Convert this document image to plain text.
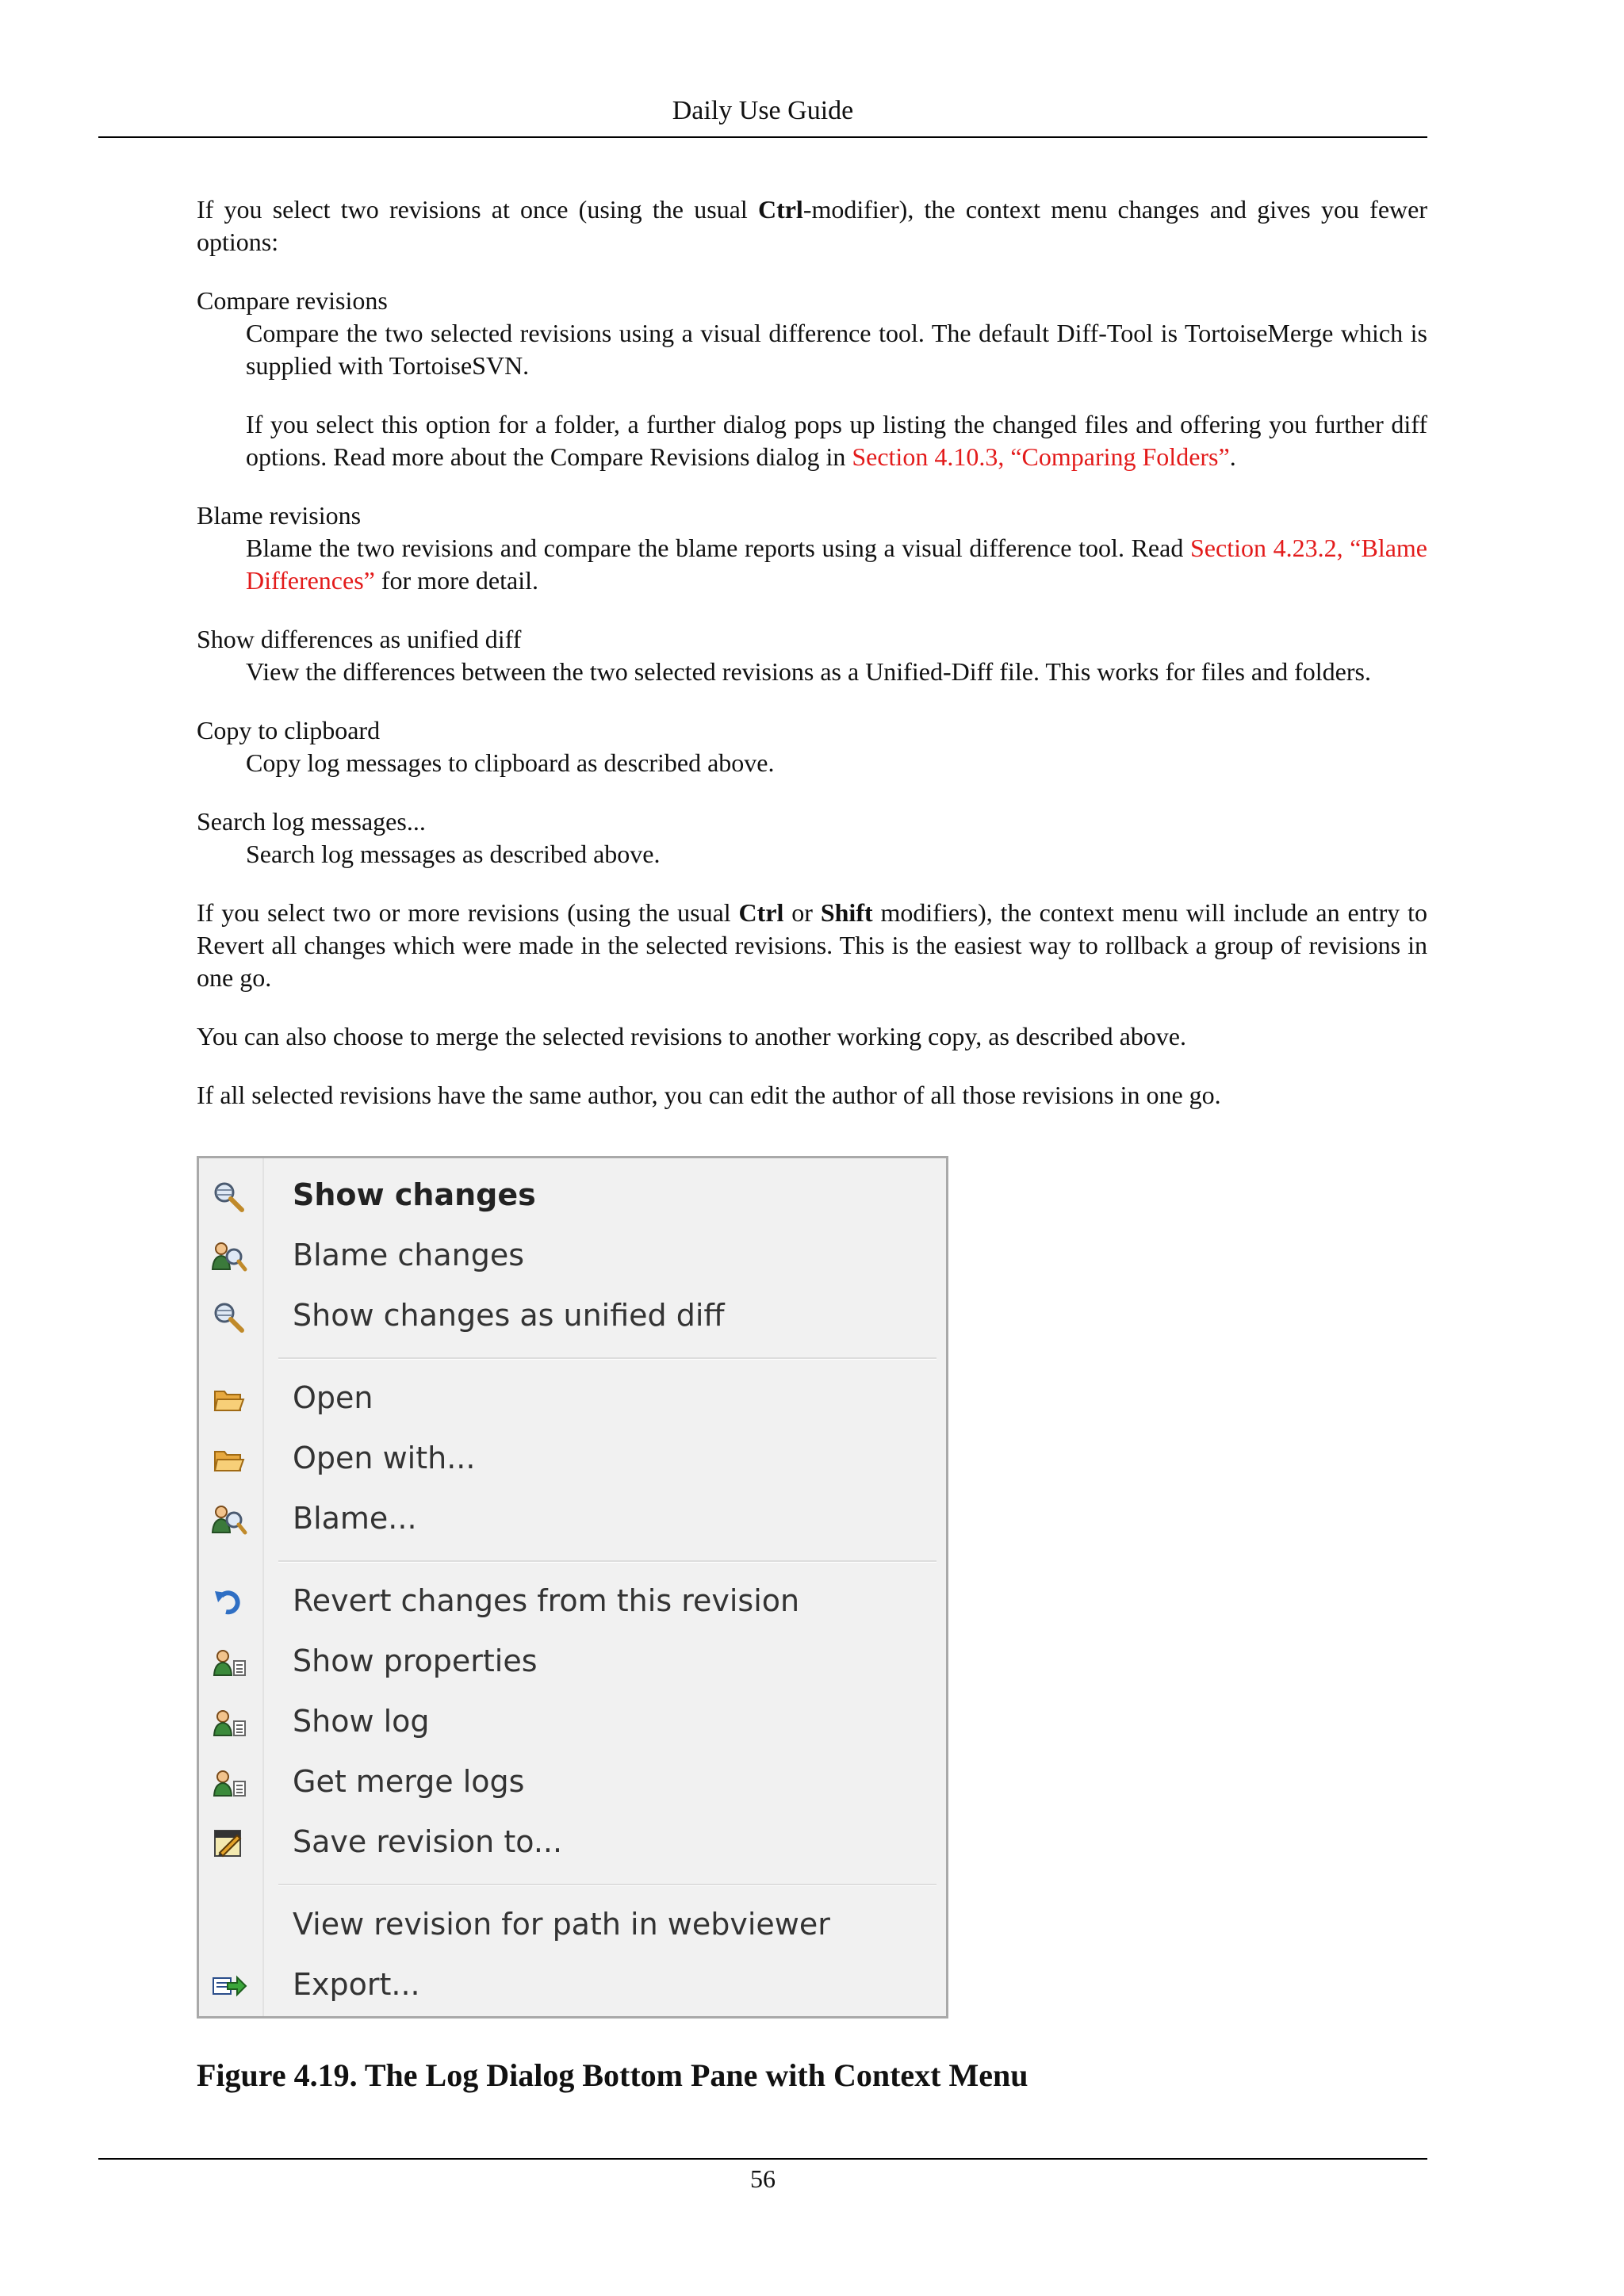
Daily Use Guide

If you select two revisions at once (using the usual Ctrl-modifier), the context menu changes and gives you fewer options:

Compare revisions

Compare the two selected revisions using a visual difference tool. The default Diff-Tool is TortoiseMerge which is supplied with TortoiseSVN.

If you select this option for a folder, a further dialog pops up listing the changed files and offering you further diff options. Read more about the Compare Revisions dialog in Section 4.10.3, “Comparing Folders”.

Blame revisions

Blame the two revisions and compare the blame reports using a visual difference tool. Read Section 4.23.2, “Blame Differences” for more detail.

Show differences as unified diff

View the differences between the two selected revisions as a Unified-Diff file. This works for files and folders.

Copy to clipboard

Copy log messages to clipboard as described above.

Search log messages...

Search log messages as described above.

If you select two or more revisions (using the usual Ctrl or Shift modifiers), the context menu will include an entry to Revert all changes which were made in the selected revisions. This is the easiest way to rollback a group of revisions in one go.

You can also choose to merge the selected revisions to another working copy, as described above.

If all selected revisions have the same author, you can edit the author of all those revisions in one go.

Show changes
Blame changes
Show changes as unified diff
Open
Open with...
Blame...
Revert changes from this revision
Show properties
Show log
Get merge logs
Save revision to...
View revision for path in webviewer
Export...
Figure 4.19. The Log Dialog Bottom Pane with Context Menu
56
